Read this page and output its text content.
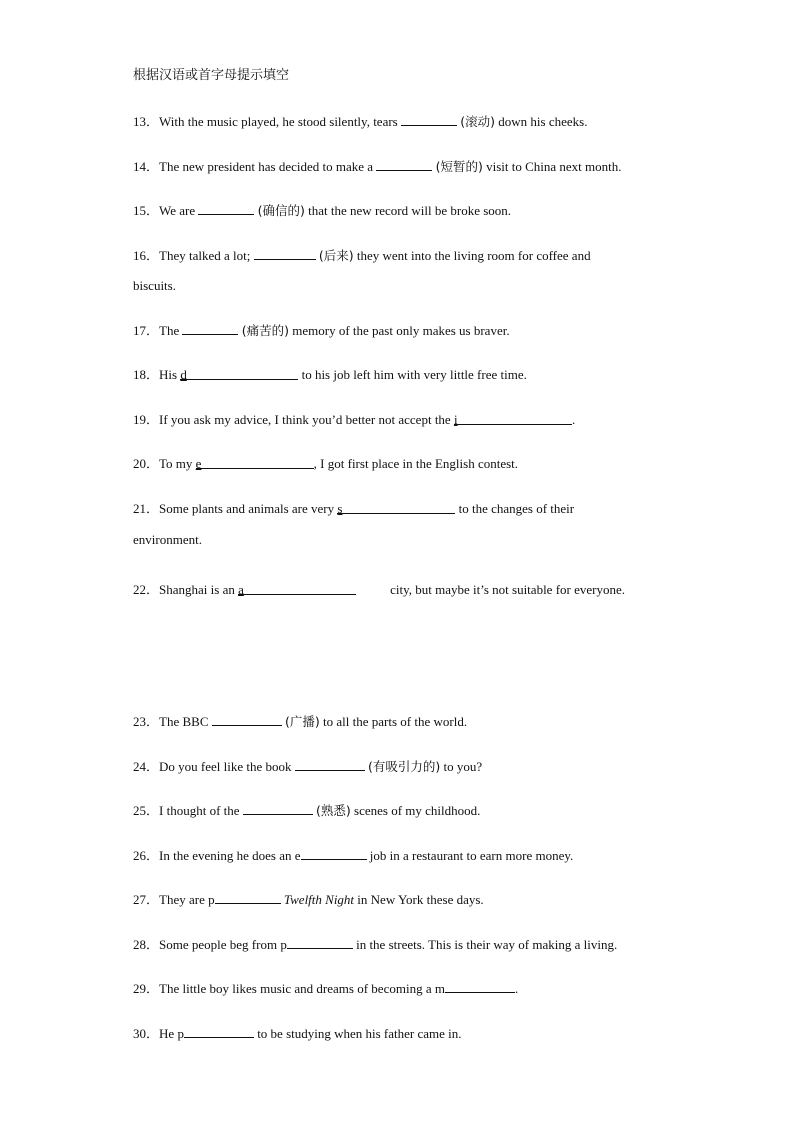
根据汉语或首字母提示填空
13．With the music played, he stood silently, tears	(滚动) down his cheeks.
14．The new president has decided to make a	(短暂的) visit to China next month.
15．We are	(确信的) that the new record will be broke soon.
16．They talked a lot;	(后来) they went into the living room for coffee and
biscuits.
17．The	(痛苦的) memory of the past only makes us braver.
18．His d	to his job left him with very little free time.
19．If you ask my advice, I think you’d better not accept the i	.
20．To my e	, I got first place in the English contest.
21．Some plants and animals are very s	to the changes of their
environment.
22．Shanghai is an a	city, but maybe it’s not suitable for everyone.
23．The BBC	(广播) to all the parts of the world.
24．Do you feel like the book	(有吸引力的) to you?
25．I thought of the	(熟悉) scenes of my childhood.
26．In the evening he does an e	job in a restaurant to earn more money.
27．They are p	Twelfth Night in New York these days.
28．Some people beg from p	in the streets. This is their way of making a living.
29．The little boy likes music and dreams of becoming a m	.
30．He p	to be studying when his father came in.
